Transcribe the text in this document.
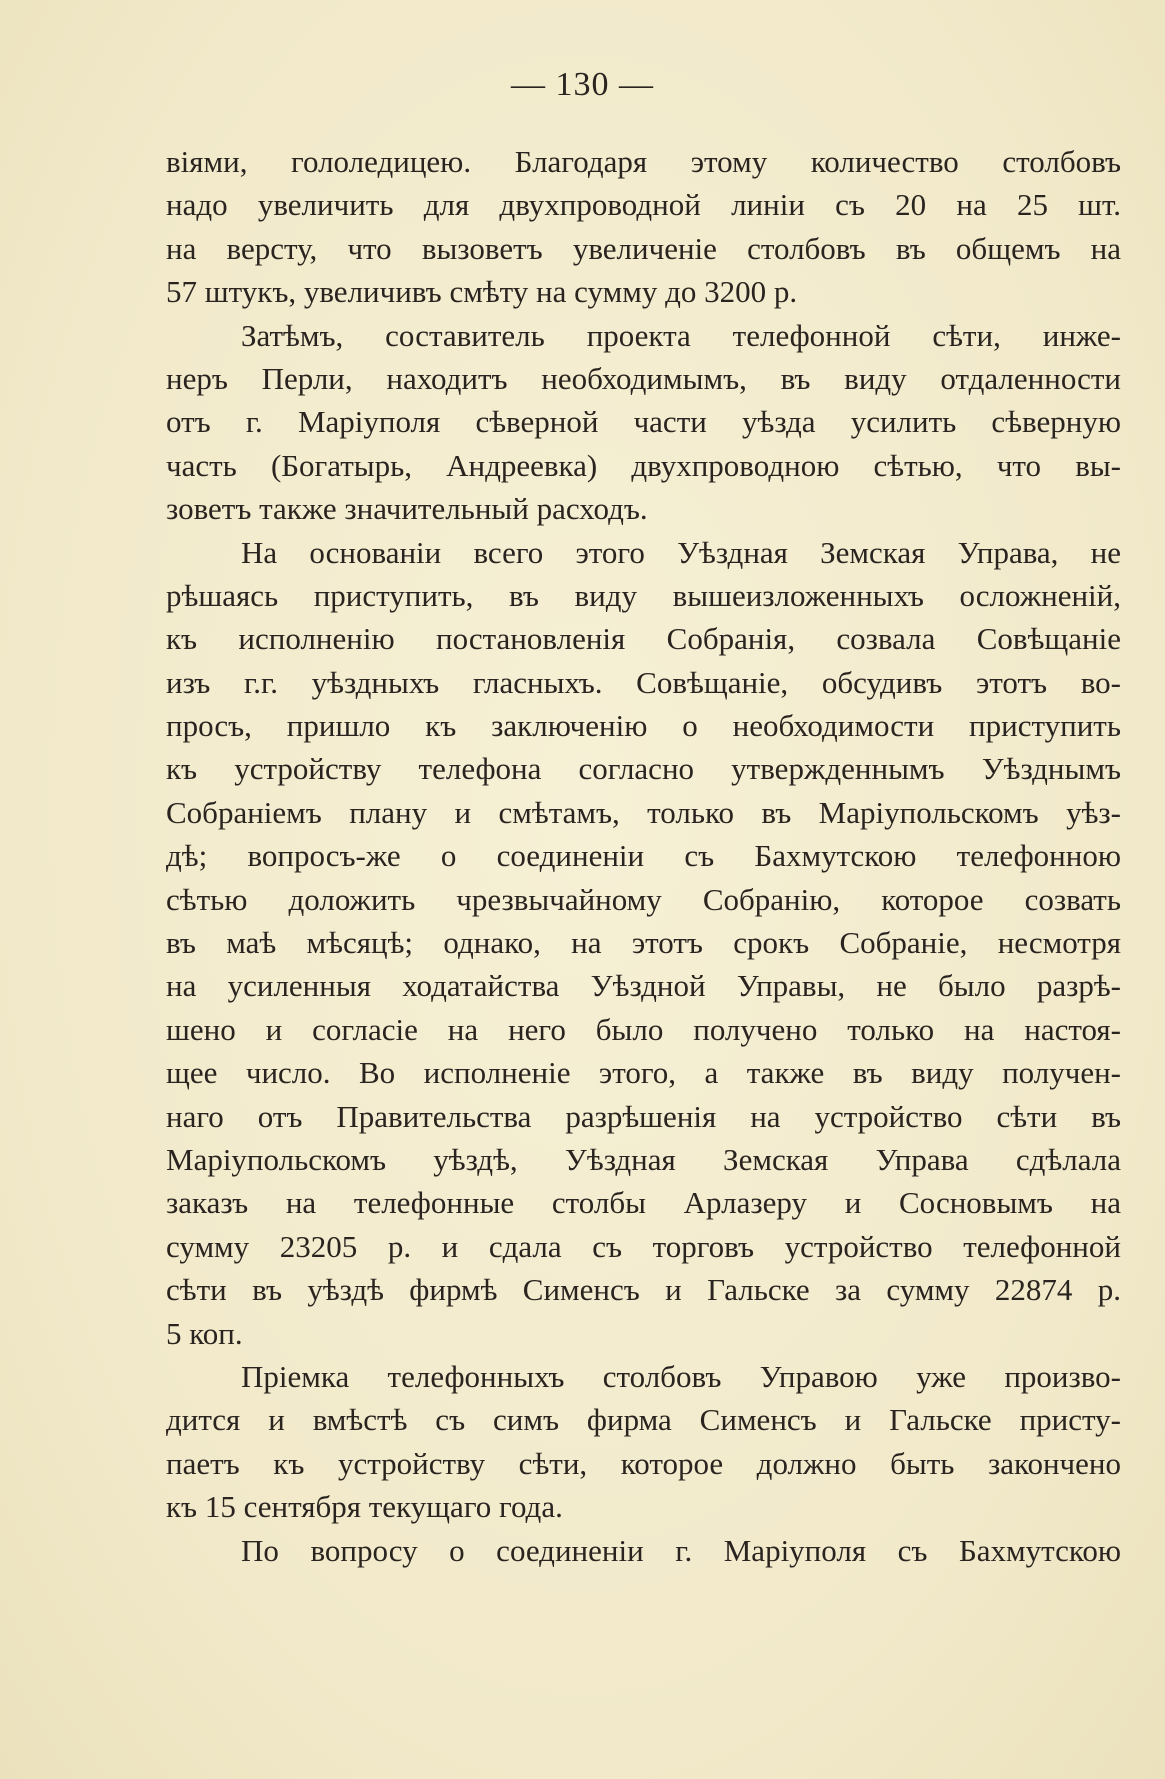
— 130 —
віями, гололедицею. Благодаря этому количество столбовъ
надо увеличить для двухпроводной линіи съ 20 на 25 шт.
на версту, что вызоветъ увеличеніе столбовъ въ общемъ на
57 штукъ, увеличивъ смѣту на сумму до 3200 р.
Затѣмъ, составитель проекта телефонной сѣти, инже-
неръ Перли, находитъ необходимымъ, въ виду отдаленности
отъ г. Маріуполя сѣверной части уѣзда усилить сѣверную
часть (Богатырь, Андреевка) двухпроводною сѣтью, что вы-
зоветъ также значительный расходъ.
На основаніи всего этого Уѣздная Земская Управа, не
рѣшаясь приступить, въ виду вышеизложенныхъ осложненій,
къ исполненію постановленія Собранія, созвала Совѣщаніе
изъ г.г. уѣздныхъ гласныхъ. Совѣщаніе, обсудивъ этотъ во-
просъ, пришло къ заключенію о необходимости приступить
къ устройству телефона согласно утвержденнымъ Уѣзднымъ
Собраніемъ плану и смѣтамъ, только въ Маріупольскомъ уѣз-
дѣ; вопросъ-же о соединеніи съ Бахмутскою телефонною
сѣтью доложить чрезвычайному Собранію, которое созвать
въ маѣ мѣсяцѣ; однако, на этотъ срокъ Собраніе, несмотря
на усиленныя ходатайства Уѣздной Управы, не было разрѣ-
шено и согласіе на него было получено только на настоя-
щее число. Во исполненіе этого, а также въ виду получен-
наго отъ Правительства разрѣшенія на устройство сѣти въ
Маріупольскомъ уѣздѣ, Уѣздная Земская Управа сдѣлала
заказъ на телефонные столбы Арлазеру и Сосновымъ на
сумму 23205 р. и сдала съ торговъ устройство телефонной
сѣти въ уѣздѣ фирмѣ Сименсъ и Гальске за сумму 22874 р.
5 коп.
Пріемка телефонныхъ столбовъ Управою уже произво-
дится и вмѣстѣ съ симъ фирма Сименсъ и Гальске присту-
паетъ къ устройству сѣти, которое должно быть закончено
къ 15 сентября текущаго года.
По вопросу о соединеніи г. Маріуполя съ Бахмутскою
